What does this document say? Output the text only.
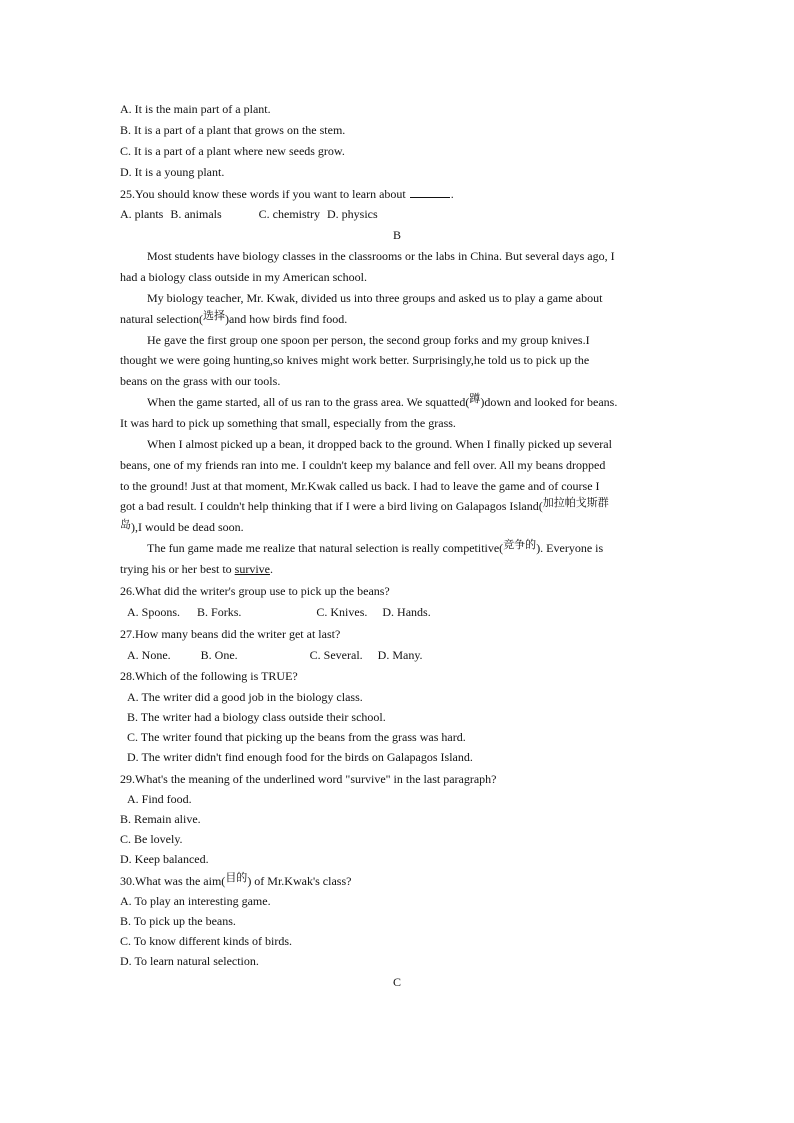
A. It is the main part of a plant.
B. It is a part of a plant that grows on the stem.
C. It is a part of a plant where new seeds grow.
D. It is a young plant.
25.You should know these words if you want to learn about	.
A. plants B. animals	C. chemistry D. physics
B
Most students have biology classes in the classrooms or the labs in China. But several days ago, I
had a biology class outside in my American school.
My biology teacher, Mr. Kwak, divided us into three groups and asked us to play a game about
natural selection(选择)and how birds find food.
He gave the first group one spoon per person, the second group forks and my group knives.I
thought we were going hunting,so knives might work better. Surprisingly,he told us to pick up the
beans on the grass with our tools.
When the game started, all of us ran to the grass area. We squatted(蹲)down and looked for beans.
It was hard to pick up something that small, especially from the grass.
When I almost picked up a bean, it dropped back to the ground. When I finally picked up several
beans, one of my friends ran into me. I couldn't keep my balance and fell over. All my beans dropped
to the ground! Just at that moment, Mr.Kwak called us back. I had to leave the game and of course I
got a bad result. I couldn't help thinking that if I were a bird living on Galapagos Island(加拉帕戈斯群
岛),I would be dead soon.
The fun game made me realize that natural selection is really competitive(竞争的). Everyone is
trying his or her best to survive.
26.What did the writer's group use to pick up the beans?
A. Spoons. B. Forks.	C. Knives. D. Hands.
27.How many beans did the writer get at last?
A. None.	B. One.	C. Several. D. Many.
28.Which of the following is TRUE?
A. The writer did a good job in the biology class.
B. The writer had a biology class outside their school.
C. The writer found that picking up the beans from the grass was hard.
D. The writer didn't find enough food for the birds on Galapagos Island.
29.What's the meaning of the underlined word "survive" in the last paragraph?
A. Find food.
B. Remain alive.
C. Be lovely.
D. Keep balanced.
30.What was the aim(目的) of Mr.Kwak's class?
A. To play an interesting game.
B. To pick up the beans.
C. To know different kinds of birds.
D. To learn natural selection.
C
